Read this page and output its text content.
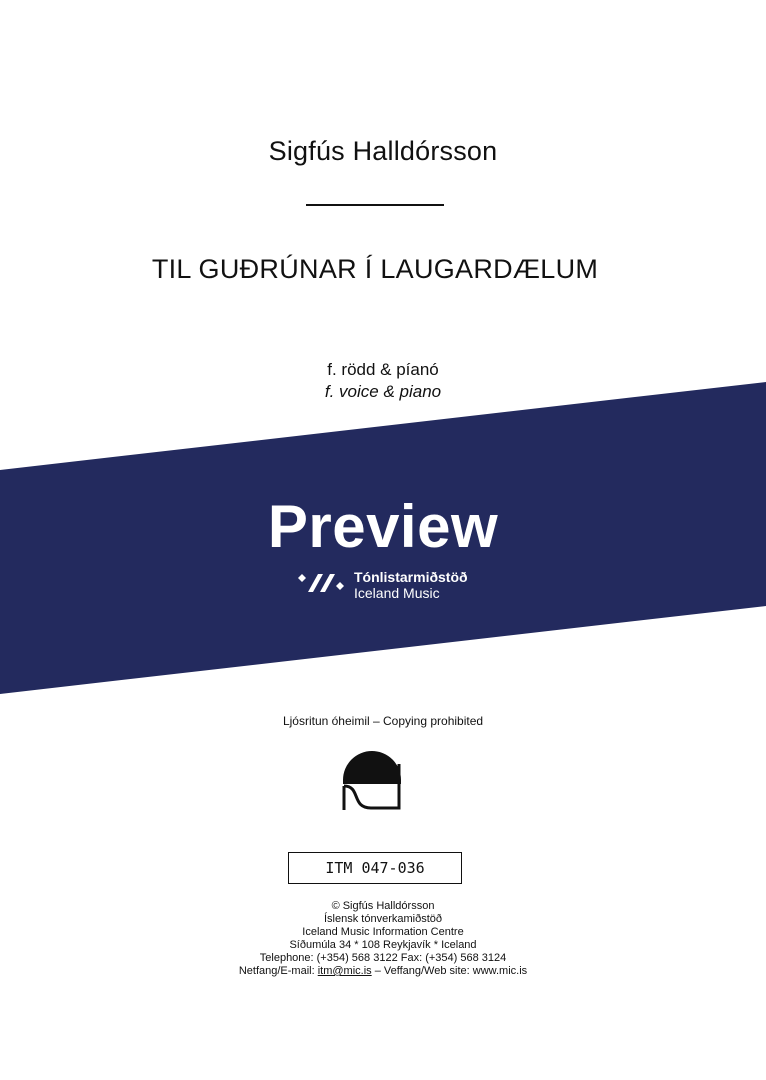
Sigfús Halldórsson
TIL GUÐRÚNAR Í LAUGARDÆLUM
f. rödd & píanó
f. voice & piano
Preview
Tónlistarmiðstöð
Iceland Music
Ljósritun óheimil – Copying prohibited
ITM 047-036
© Sigfús Halldórsson
Íslensk tónverkamiðstöð
Iceland Music Information Centre
Síðumúla 34 * 108 Reykjavík * Iceland
Telephone: (+354) 568 3122 Fax: (+354) 568 3124
Netfang/E-mail: itm@mic.is – Veffang/Web site: www.mic.is
